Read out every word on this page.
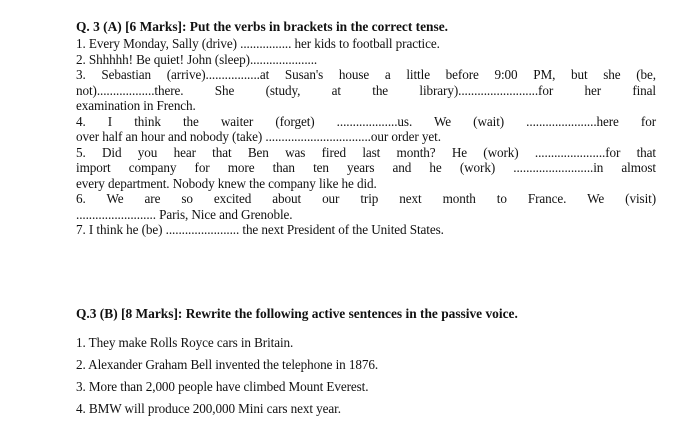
Q. 3 (A) [6 Marks]: Put the verbs in brackets in the correct tense.
1. Every Monday, Sally (drive) ................ her kids to football practice.
2. Shhhhh! Be quiet! John (sleep).....................
3. Sebastian (arrive).................at Susan's house a little before 9:00 PM, but she (be,
not)..................there. She (study, at the library).........................for her final
examination in French.
4. I think the waiter (forget) ...................us. We (wait) ......................here for
over half an hour and nobody (take) .................................our order yet.
5. Did you hear that Ben was fired last month? He (work) ......................for that
import company for more than ten years and he (work) .........................in almost
every department. Nobody knew the company like he did.
6. We are so excited about our trip next month to France. We (visit)
......................... Paris, Nice and Grenoble.
7. I think he (be) ....................... the next President of the United States.
Q.3 (B) [8 Marks]: Rewrite the following active sentences in the passive voice.
1. They make Rolls Royce cars in Britain.
2. Alexander Graham Bell invented the telephone in 1876.
3. More than 2,000 people have climbed Mount Everest.
4. BMW will produce 200,000 Mini cars next year.
